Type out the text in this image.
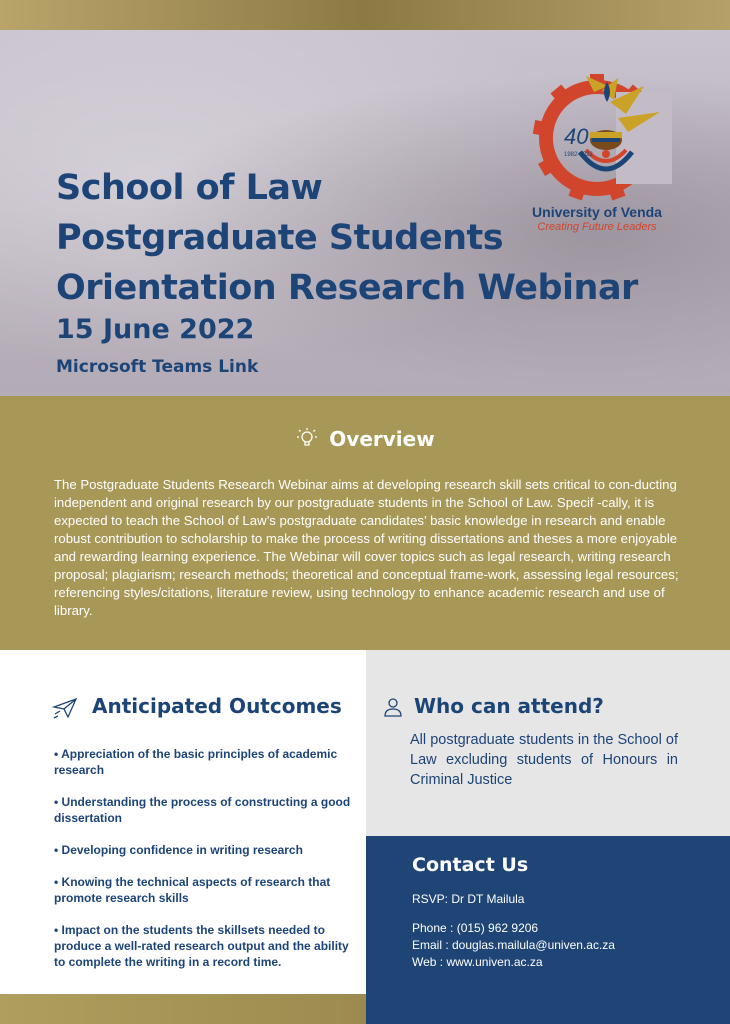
School of Law
Postgraduate Students
Orientation Research Webinar
15 June 2022
Microsoft Teams Link
40
1982-2022
University of Venda
Creating Future Leaders
Overview

The Postgraduate Students Research Webinar aims at developing research skill sets critical to con-ducting independent and original research by our postgraduate students in the School of Law. Specif -cally, it is expected to teach the School of Law’s postgraduate candidates’ basic knowledge in research and enable robust contribution to scholarship to make the process of writing dissertations and theses a more enjoyable and rewarding learning experience. The Webinar will cover topics such as legal research, writing research proposal; plagiarism; research methods; theoretical and conceptual frame-work, assessing legal resources; referencing styles/citations, literature review, using technology to enhance academic research and use of library.

Anticipated Outcomes
• Appreciation of the basic principles of academic research
• Understanding the process of constructing a good dissertation
• Developing confidence in writing research
• Knowing the technical aspects of research that promote research skills
• Impact on the students the skillsets needed to produce a well-rated research output and the ability to complete the writing in a record time.
Who can attend?

All postgraduate students in the School of Law excluding students of Honours in Criminal Justice

Contact Us
RSVP: Dr DT Mailula
Phone : (015) 962 9206
Email : douglas.mailula@univen.ac.za
Web : www.univen.ac.za
